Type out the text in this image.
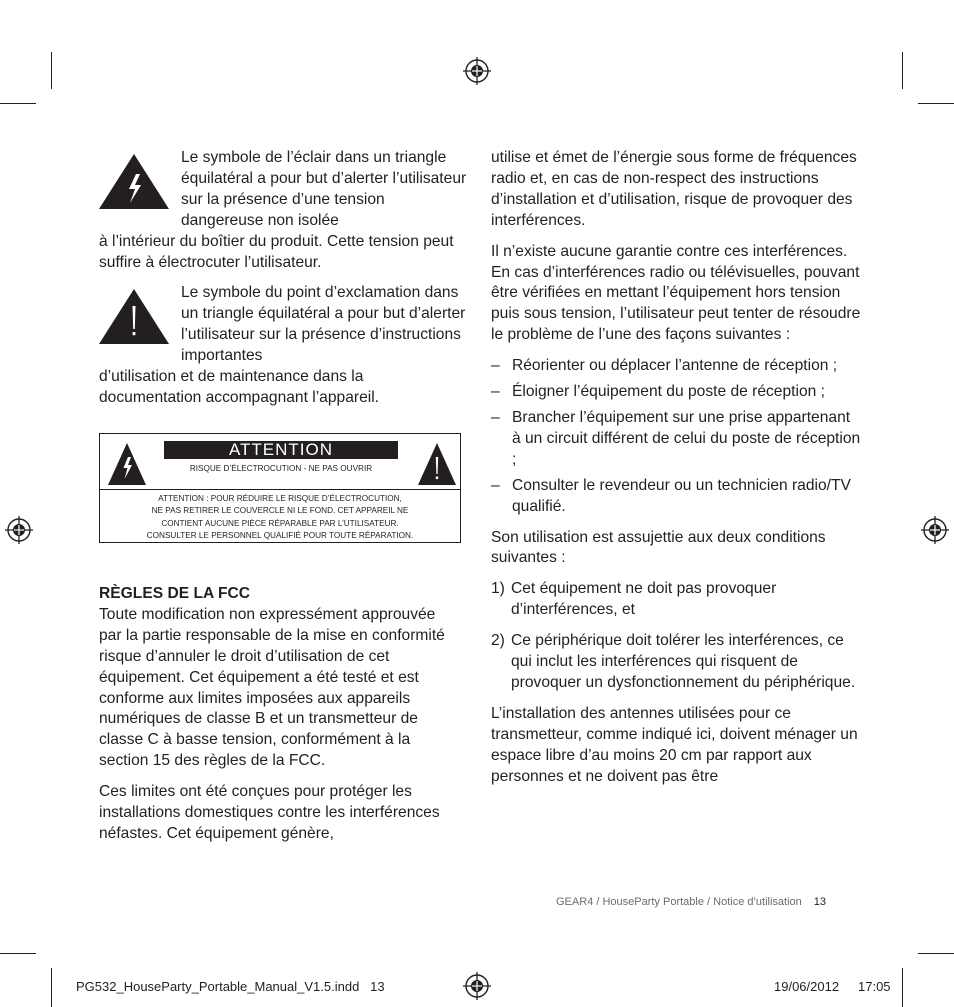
Le symbole de l’éclair dans un triangle équilatéral a pour but d’alerter l’utilisateur sur la présence d’une tension dangereuse non isolée

à l’intérieur du boîtier du produit. Cette tension peut suffire à électrocuter l’utilisateur.

Le symbole du point d’exclamation dans un triangle équilatéral a pour but d’alerter l’utilisateur sur la présence d’instructions importantes

d’utilisation et de maintenance dans la documentation accompagnant l’appareil.

ATTENTION
RISQUE D’ÉLECTROCUTION - NE PAS OUVRIR
ATTENTION : POUR RÉDUIRE LE RISQUE D’ÉLECTROCUTION,
NE PAS RETIRER LE COUVERCLE NI LE FOND. CET APPAREIL NE
CONTIENT AUCUNE PIÈCE RÉPARABLE PAR L’UTILISATEUR.
CONSULTER LE PERSONNEL QUALIFIÉ POUR TOUTE RÉPARATION.

RÈGLES DE LA FCC

Toute modification non expressément approuvée par la partie responsable de la mise en conformité risque d’annuler le droit d’utilisation de cet équipement. Cet équipement a été testé et est conforme aux limites imposées aux appareils numériques de classe B et un transmetteur de classe C à basse tension, conformément à la section 15 des règles de la FCC.

Ces limites ont été conçues pour protéger les installations domestiques contre les interférences néfastes. Cet équipement génère,

utilise et émet de l’énergie sous forme de fréquences radio et, en cas de non-respect des instructions d’installation et d’utilisation, risque de provoquer des interférences.

Il n’existe aucune garantie contre ces interférences. En cas d’interférences radio ou télévisuelles, pouvant être vérifiées en mettant l’équipement hors tension puis sous tension, l’utilisateur peut tenter de résoudre le problème de l’une des façons suivantes :

– Réorienter ou déplacer l’antenne de réception ;

– Éloigner l’équipement du poste de réception ;

– Brancher l’équipement sur une prise appartenant à un circuit différent de celui du poste de réception ;

– Consulter le revendeur ou un technicien radio/TV qualifié.

Son utilisation est assujettie aux deux conditions suivantes :

1) Cet équipement ne doit pas provoquer d’interférences, et

2) Ce périphérique doit tolérer les interférences, ce qui inclut les interférences qui risquent de provoquer un dysfonctionnement du périphérique.

L’installation des antennes utilisées pour ce transmetteur, comme indiqué ici, doivent ménager un espace libre d’au moins 20 cm par rapport aux personnes et ne doivent pas être

GEAR4 / HouseParty Portable / Notice d’utilisation 13
PG532_HouseParty_Portable_Manual_V1.5.indd   13	19/06/2012 17:05
